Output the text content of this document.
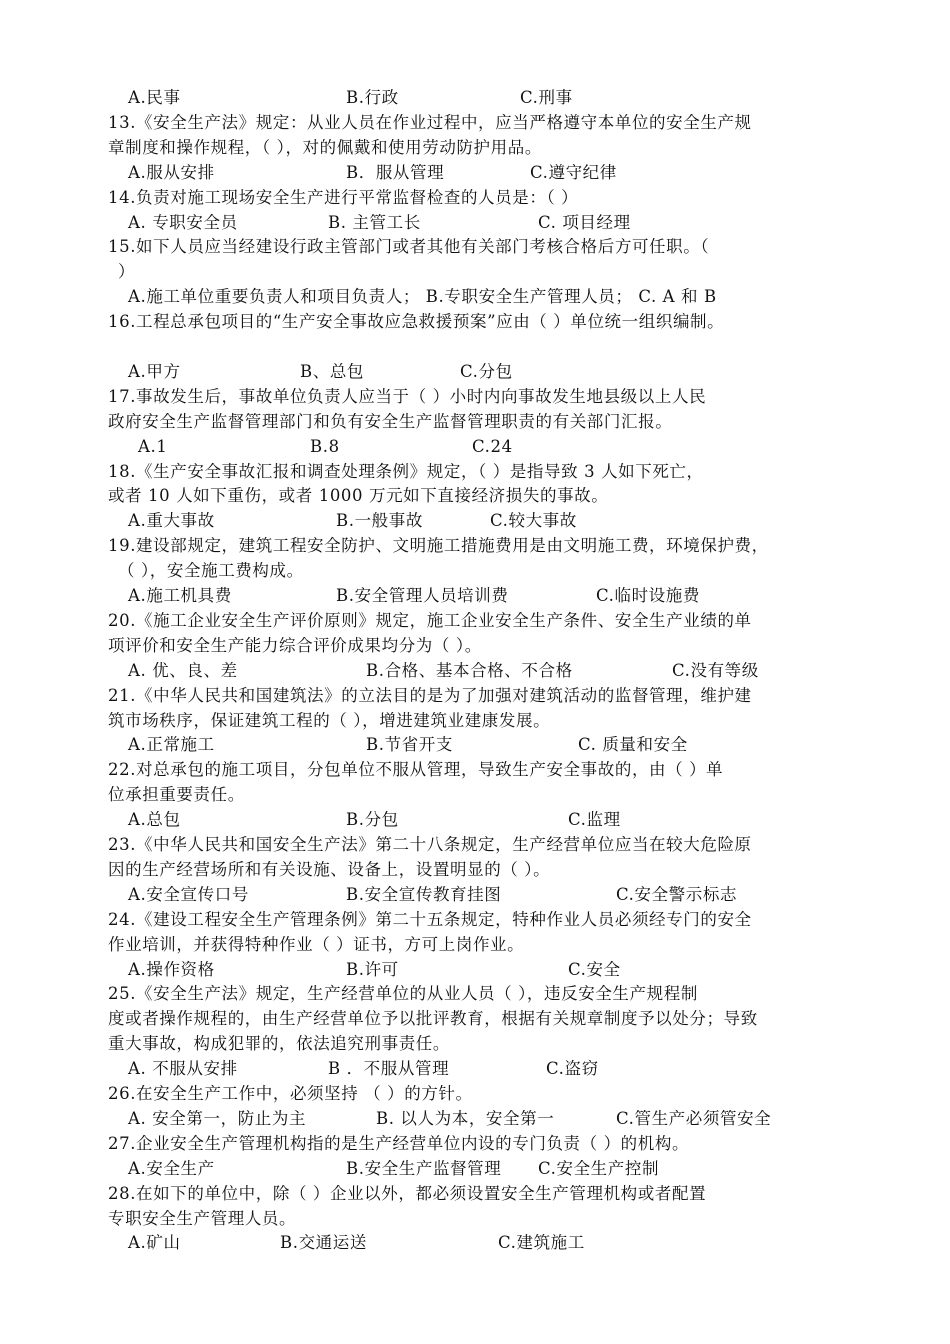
A.民事	B.行政	C.刑事
13.《安全生产法》规定：从业人员在作业过程中，应当严格遵守本单位的安全生产规
章制度和操作规程，（ ），对的佩戴和使用劳动防护用品。
A.服从安排	B．服从管理	C.遵守纪律
14.负责对施工现场安全生产进行平常监督检查的人员是：（ ）
A. 专职安全员	B. 主管工长	C. 项目经理
15.如下人员应当经建设行政主管部门或者其他有关部门考核合格后方可任职。（
）
A.施工单位重要负责人和项目负责人； B.专职安全生产管理人员； C. A 和 B
16.工程总承包项目的“生产安全事故应急救援预案”应由（ ）单位统一组织编制。
A.甲方	B、总包	C.分包
17.事故发生后，事故单位负责人应当于（ ）小时内向事故发生地县级以上人民
政府安全生产监督管理部门和负有安全生产监督管理职责的有关部门汇报。
A.1	B.8	C.24
18.《生产安全事故汇报和调查处理条例》规定，（ ）是指导致 3 人如下死亡，
或者 10 人如下重伤，或者 1000 万元如下直接经济损失的事故。
A.重大事故	B.一般事故	C.较大事故
19.建设部规定，建筑工程安全防护、文明施工措施费用是由文明施工费，环境保护费，
（ ），安全施工费构成。
A.施工机具费	B.安全管理人员培训费	C.临时设施费
20.《施工企业安全生产评价原则》规定，施工企业安全生产条件、安全生产业绩的单
项评价和安全生产能力综合评价成果均分为（ ）。
A. 优、良、差	B.合格、基本合格、不合格	C.没有等级
21.《中华人民共和国建筑法》的立法目的是为了加强对建筑活动的监督管理，维护建
筑市场秩序，保证建筑工程的（ ），增进建筑业建康发展。
A.正常施工	B.节省开支	C. 质量和安全
22.对总承包的施工项目，分包单位不服从管理，导致生产安全事故的，由（ ）单
位承担重要责任。
A.总包	B.分包	C.监理
23.《中华人民共和国安全生产法》第二十八条规定，生产经营单位应当在较大危险原
因的生产经营场所和有关设施、设备上，设置明显的（ ）。
A.安全宣传口号	B.安全宣传教育挂图	C.安全警示标志
24.《建设工程安全生产管理条例》第二十五条规定，特种作业人员必须经专门的安全
作业培训，并获得特种作业（ ）证书，方可上岗作业。
A.操作资格	B.许可	C.安全
25.《安全生产法》规定，生产经营单位的从业人员（ ），违反安全生产规程制
度或者操作规程的，由生产经营单位予以批评教育，根据有关规章制度予以处分；导致
重大事故，构成犯罪的，依法追究刑事责任。
A. 不服从安排	B ．不服从管理	C.盗窃
26.在安全生产工作中，必须坚持 （ ）的方针。
A. 安全第一，防止为主	B. 以人为本，安全第一	C.管生产必须管安全
27.企业安全生产管理机构指的是生产经营单位内设的专门负责（ ）的机构。
A.安全生产	B.安全生产监督管理 C.安全生产控制
28.在如下的单位中，除（ ）企业以外，都必须设置安全生产管理机构或者配置
专职安全生产管理人员。
A.矿山	B.交通运送	C.建筑施工
